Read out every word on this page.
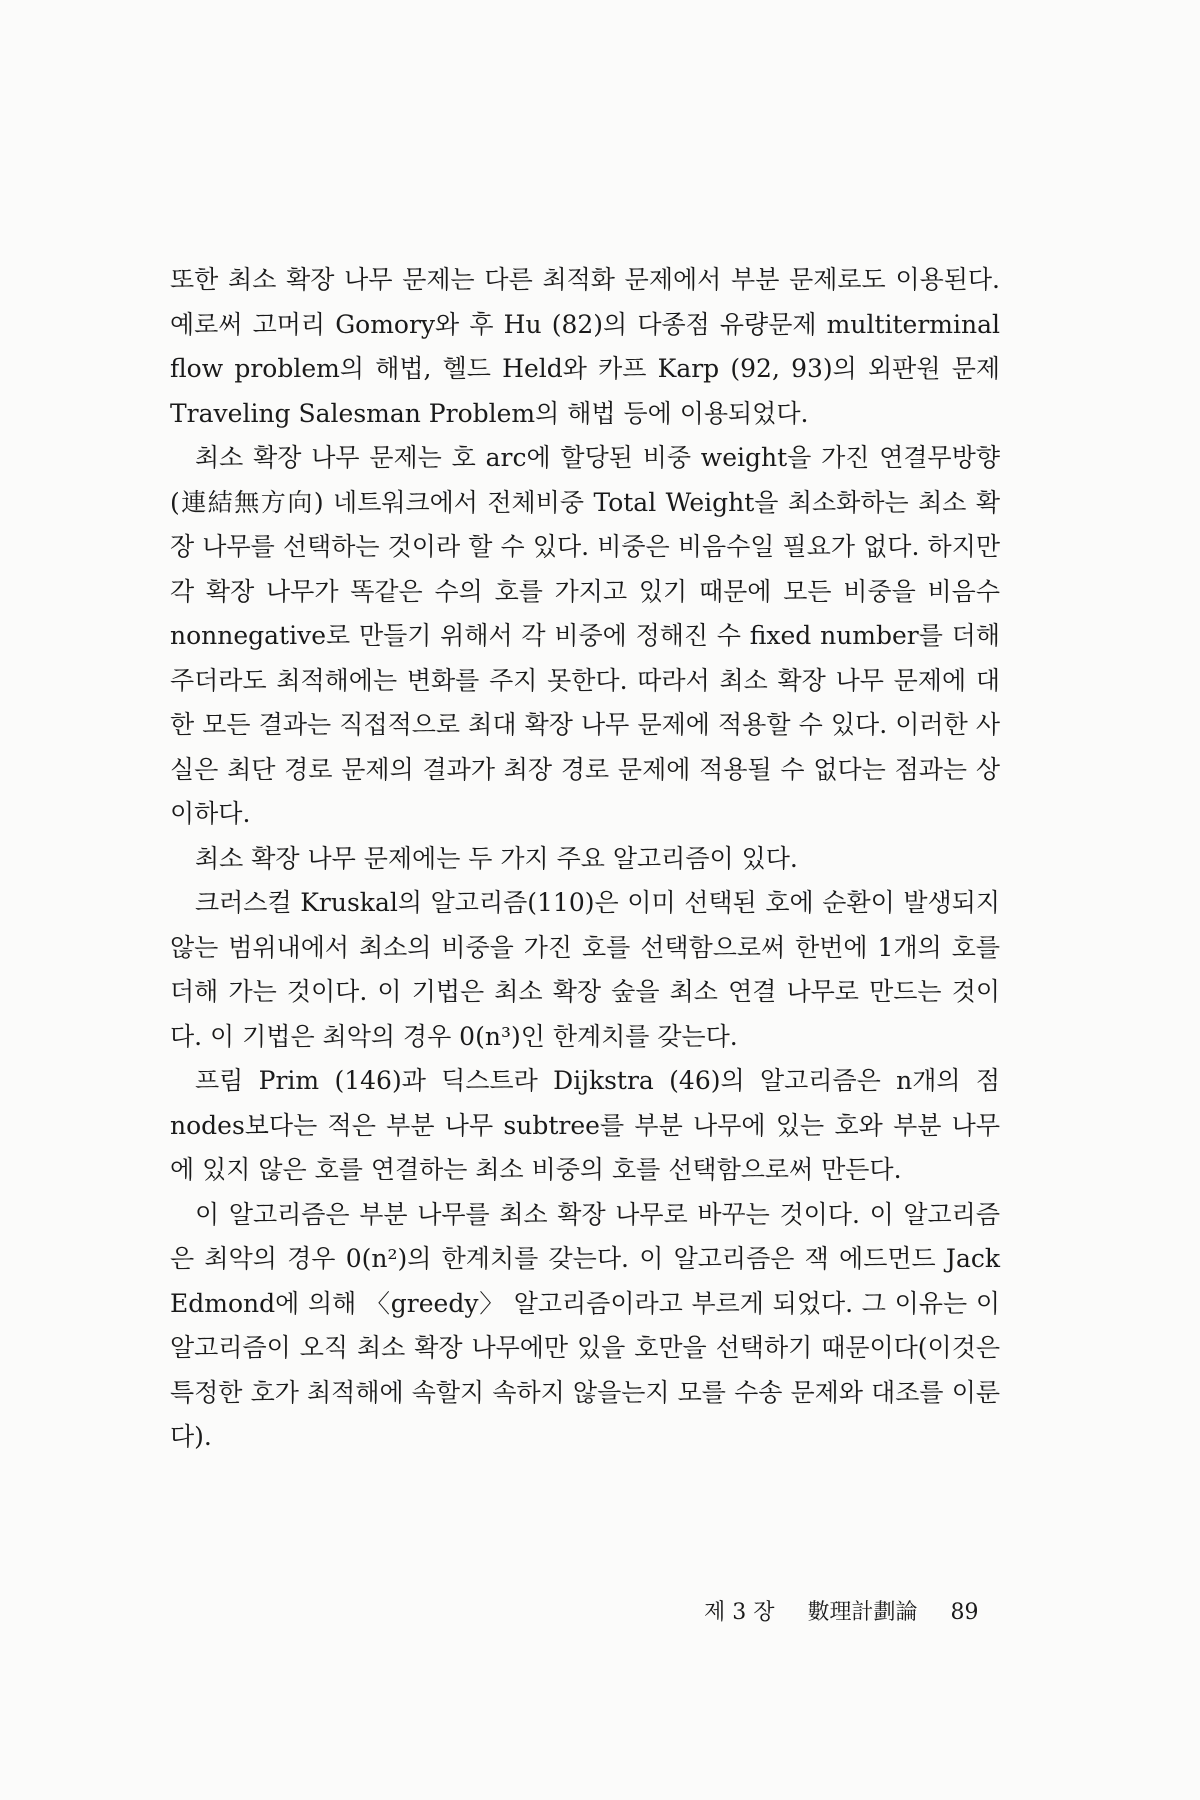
또한 최소 확장 나무 문제는 다른 최적화 문제에서 부분 문제로도 이용된다. 예로써 고머리 Gomory와 후 Hu (82)의 다종점 유량문제 multiterminal flow problem의 해법, 헬드 Held와 카프 Karp (92, 93)의 외판원 문제 Traveling Salesman Problem의 해법 등에 이용되었다.

최소 확장 나무 문제는 호 arc에 할당된 비중 weight을 가진 연결무방향(連結無方向) 네트워크에서 전체비중 Total Weight을 최소화하는 최소 확장 나무를 선택하는 것이라 할 수 있다. 비중은 비음수일 필요가 없다. 하지만 각 확장 나무가 똑같은 수의 호를 가지고 있기 때문에 모든 비중을 비음수 nonnegative로 만들기 위해서 각 비중에 정해진 수 fixed number를 더해 주더라도 최적해에는 변화를 주지 못한다. 따라서 최소 확장 나무 문제에 대한 모든 결과는 직접적으로 최대 확장 나무 문제에 적용할 수 있다. 이러한 사실은 최단 경로 문제의 결과가 최장 경로 문제에 적용될 수 없다는 점과는 상이하다.

최소 확장 나무 문제에는 두 가지 주요 알고리즘이 있다.

크러스컬 Kruskal의 알고리즘(110)은 이미 선택된 호에 순환이 발생되지 않는 범위내에서 최소의 비중을 가진 호를 선택함으로써 한번에 1개의 호를 더해 가는 것이다. 이 기법은 최소 확장 숲을 최소 연결 나무로 만드는 것이다. 이 기법은 최악의 경우 0(n³)인 한계치를 갖는다.

프림 Prim (146)과 딕스트라 Dijkstra (46)의 알고리즘은 n개의 점 nodes보다는 적은 부분 나무 subtree를 부분 나무에 있는 호와 부분 나무에 있지 않은 호를 연결하는 최소 비중의 호를 선택함으로써 만든다.

이 알고리즘은 부분 나무를 최소 확장 나무로 바꾸는 것이다. 이 알고리즘은 최악의 경우 0(n²)의 한계치를 갖는다. 이 알고리즘은 잭 에드먼드 Jack Edmond에 의해 〈greedy〉 알고리즘이라고 부르게 되었다. 그 이유는 이 알고리즘이 오직 최소 확장 나무에만 있을 호만을 선택하기 때문이다(이것은 특정한 호가 최적해에 속할지 속하지 않을는지 모를 수송 문제와 대조를 이룬다).

제 3 장 數理計劃論 89
